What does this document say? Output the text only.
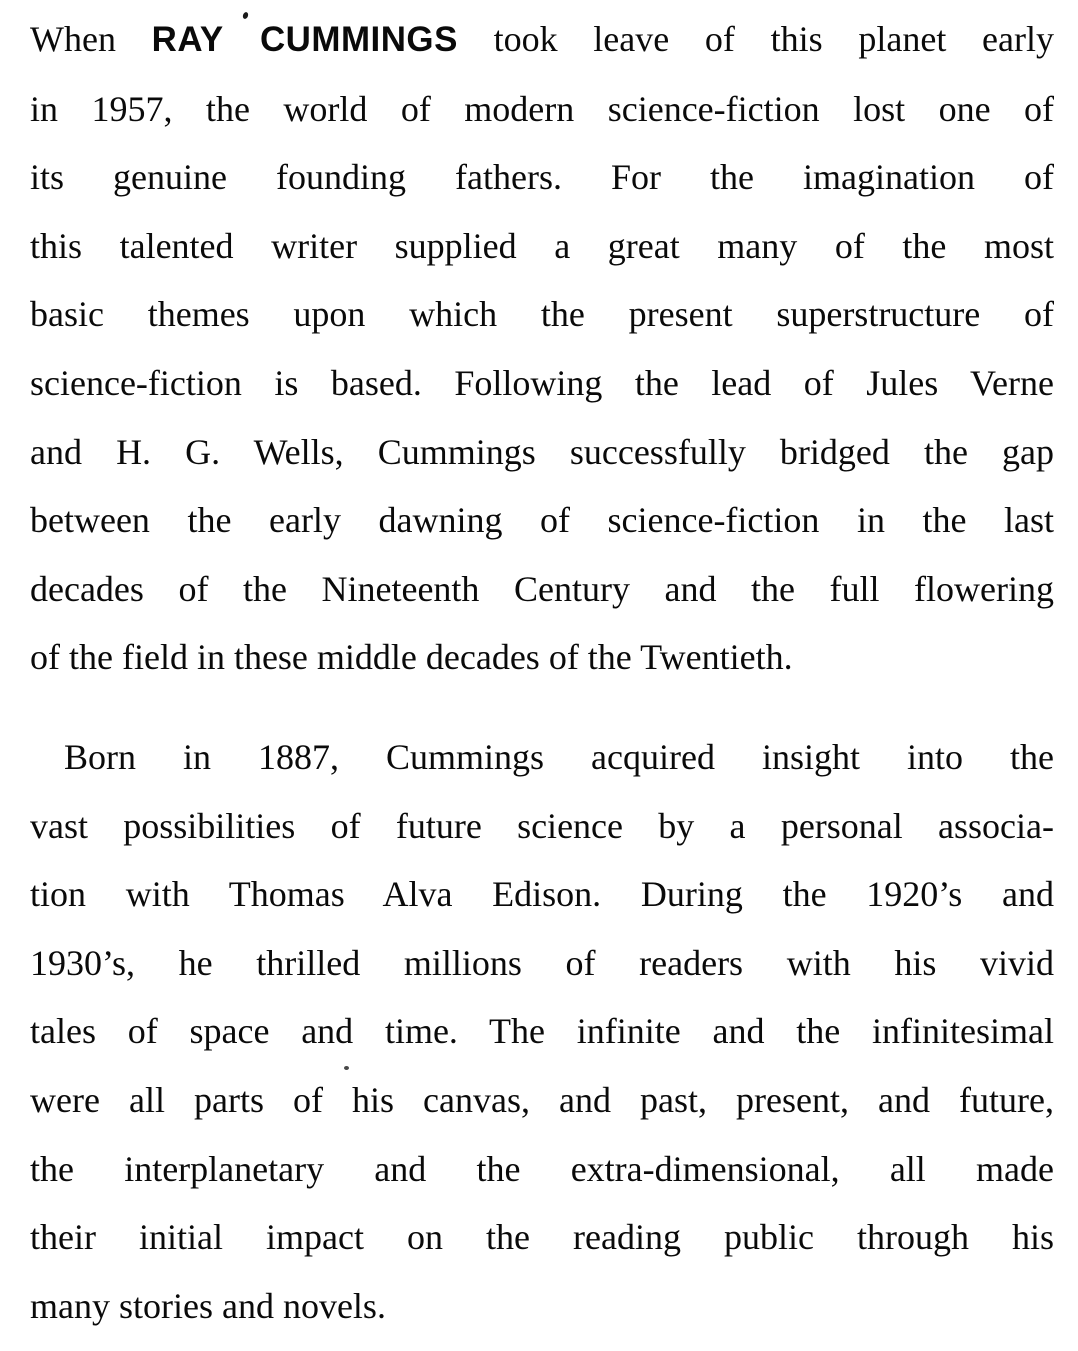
When RAY CUMMINGS took leave of this planet early
in 1957, the world of modern science-fiction lost one of
its genuine founding fathers. For the imagination of
this talented writer supplied a great many of the most
basic themes upon which the present superstructure of
science-fiction is based. Following the lead of Jules Verne
and H. G. Wells, Cummings successfully bridged the gap
between the early dawning of science-fiction in the last
decades of the Nineteenth Century and the full flowering
of the field in these middle decades of the Twentieth.
Born in 1887, Cummings acquired insight into the
vast possibilities of future science by a personal associa-
tion with Thomas Alva Edison. During the 1920’s and
1930’s, he thrilled millions of readers with his vivid
tales of space and time. The infinite and the infinitesimal
were all parts of his canvas, and past, present, and future,
the interplanetary and the extra-dimensional, all made
their initial impact on the reading public through his
many stories and novels.
